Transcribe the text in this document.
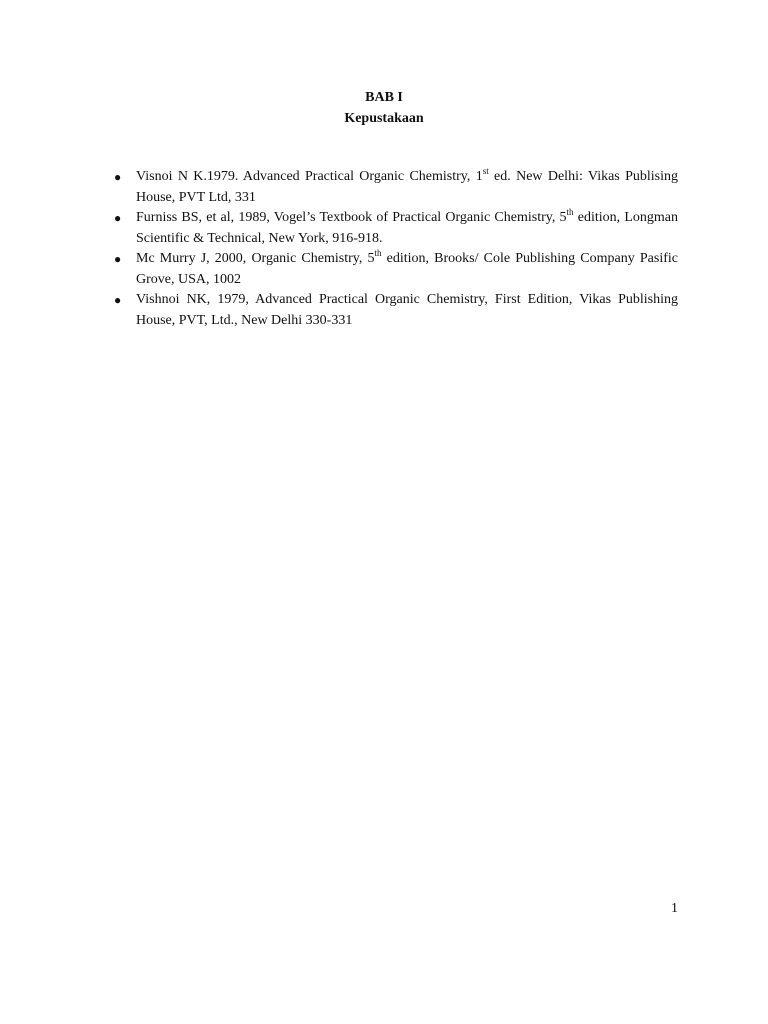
BAB I
Kepustakaan
● Visnoi N K.1979. Advanced Practical Organic Chemistry, 1st ed. New Delhi: Vikas Publising House, PVT Ltd, 331
● Furniss BS, et al, 1989, Vogel’s Textbook of Practical Organic Chemistry, 5th edition, Longman Scientific & Technical, New York, 916-918.
● Mc Murry J, 2000, Organic Chemistry, 5th edition, Brooks/ Cole Publishing Company Pasific Grove, USA, 1002
● Vishnoi NK, 1979, Advanced Practical Organic Chemistry, First Edition, Vikas Publishing House, PVT, Ltd., New Delhi 330-331
1
